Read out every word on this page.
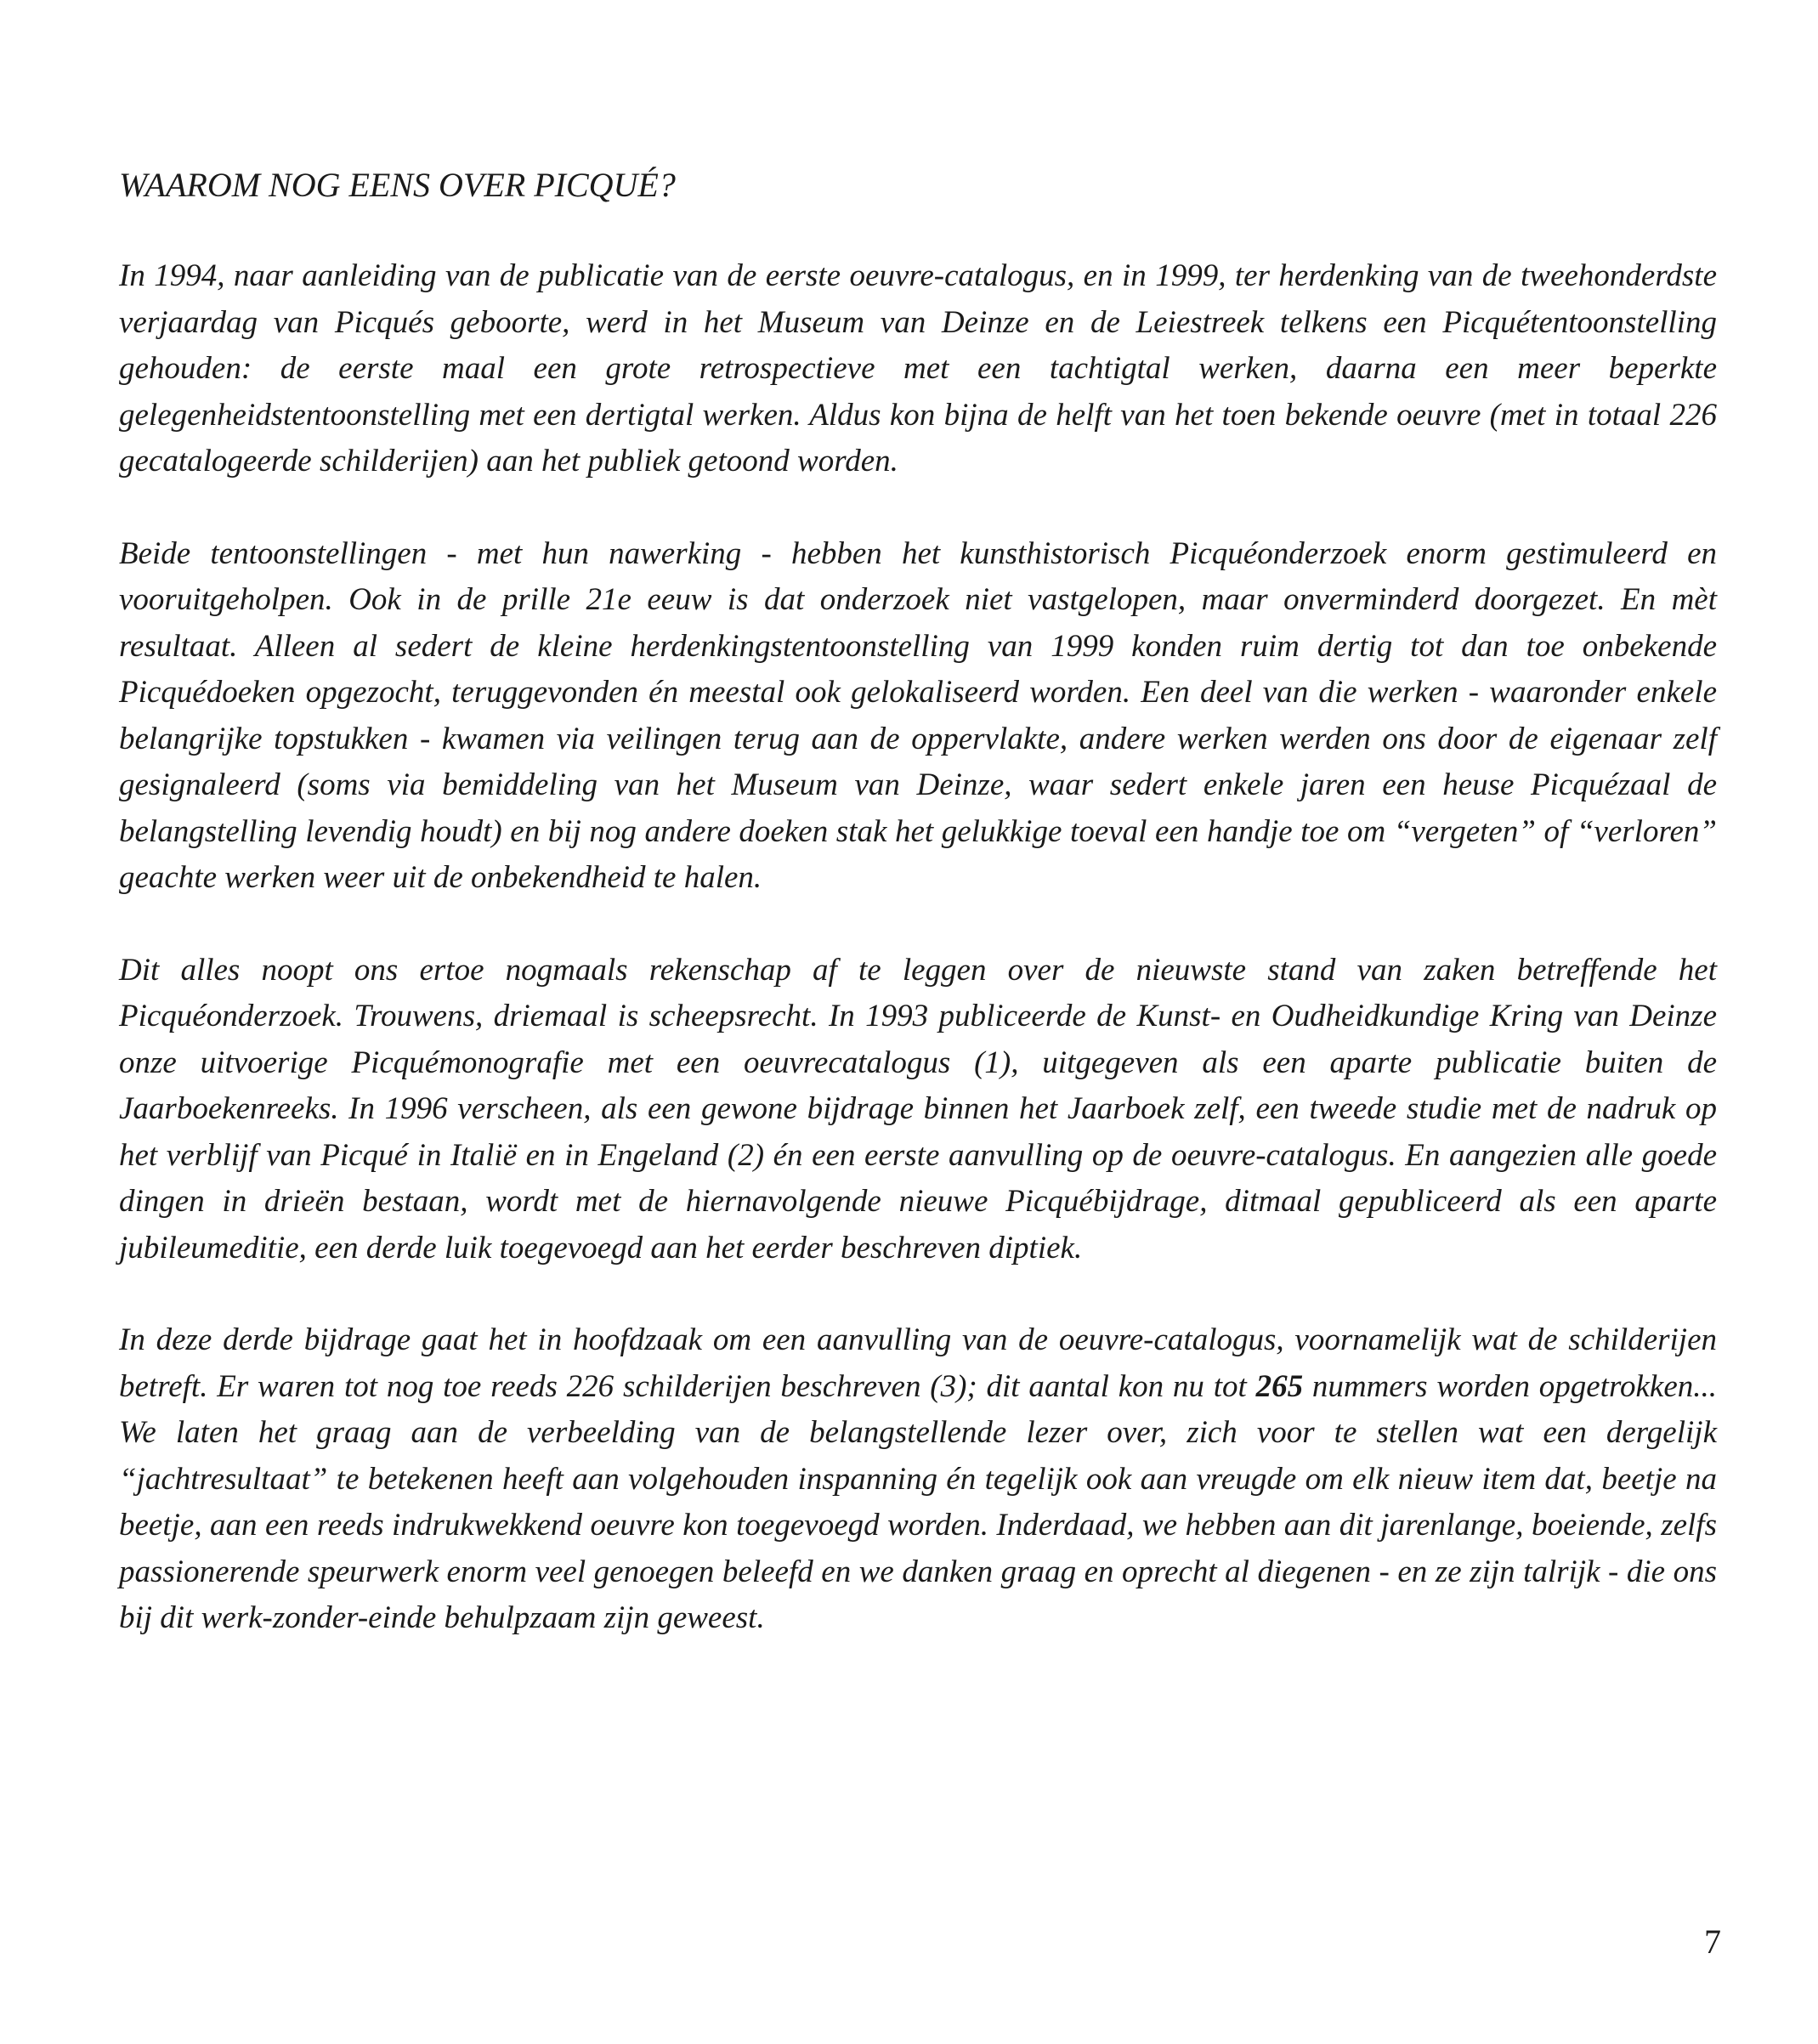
WAAROM NOG EENS OVER PICQUÉ?

In 1994, naar aanleiding van de publicatie van de eerste oeuvre-catalogus, en in 1999, ter herdenking van de tweehonderdste verjaardag van Picqués geboorte, werd in het Museum van Deinze en de Leiestreek telkens een Picquétentoonstelling gehouden: de eerste maal een grote retrospectieve met een tachtigtal werken, daarna een meer beperkte gelegenheidstentoonstelling met een dertigtal werken. Aldus kon bijna de helft van het toen bekende oeuvre (met in totaal 226 gecatalogeerde schilderijen) aan het publiek getoond worden.

Beide tentoonstellingen - met hun nawerking - hebben het kunsthistorisch Picquéonderzoek enorm gestimuleerd en vooruitgeholpen. Ook in de prille 21e eeuw is dat onderzoek niet vastgelopen, maar onverminderd doorgezet. En mèt resultaat. Alleen al sedert de kleine herdenkingstentoonstelling van 1999 konden ruim dertig tot dan toe onbekende Picquédoeken opgezocht, teruggevonden én meestal ook gelokaliseerd worden. Een deel van die werken - waaronder enkele belangrijke topstukken - kwamen via veilingen terug aan de oppervlakte, andere werken werden ons door de eigenaar zelf gesignaleerd (soms via bemiddeling van het Museum van Deinze, waar sedert enkele jaren een heuse Picquézaal de belangstelling levendig houdt) en bij nog andere doeken stak het gelukkige toeval een handje toe om “vergeten” of “verloren” geachte werken weer uit de onbekendheid te halen.

Dit alles noopt ons ertoe nogmaals rekenschap af te leggen over de nieuwste stand van zaken betreffende het Picquéonderzoek. Trouwens, driemaal is scheepsrecht. In 1993 publiceerde de Kunst- en Oudheidkundige Kring van Deinze onze uitvoerige Picquémonografie met een oeuvrecatalogus (1), uitgegeven als een aparte publicatie buiten de Jaarboekenreeks. In 1996 verscheen, als een gewone bijdrage binnen het Jaarboek zelf, een tweede studie met de nadruk op het verblijf van Picqué in Italië en in Engeland (2) én een eerste aanvulling op de oeuvre-catalogus. En aangezien alle goede dingen in drieën bestaan, wordt met de hiernavolgende nieuwe Picquébijdrage, ditmaal gepubliceerd als een aparte jubileumeditie, een derde luik toegevoegd aan het eerder beschreven diptiek.

In deze derde bijdrage gaat het in hoofdzaak om een aanvulling van de oeuvre-catalogus, voornamelijk wat de schilderijen betreft. Er waren tot nog toe reeds 226 schilderijen beschreven (3); dit aantal kon nu tot 265 nummers worden opgetrokken... We laten het graag aan de verbeelding van de belangstellende lezer over, zich voor te stellen wat een dergelijk “jachtresultaat” te betekenen heeft aan volgehouden inspanning én tegelijk ook aan vreugde om elk nieuw item dat, beetje na beetje, aan een reeds indrukwekkend oeuvre kon toegevoegd worden. Inderdaad, we hebben aan dit jarenlange, boeiende, zelfs passionerende speurwerk enorm veel genoegen beleefd en we danken graag en oprecht al diegenen - en ze zijn talrijk - die ons bij dit werk-zonder-einde behulpzaam zijn geweest.

7
